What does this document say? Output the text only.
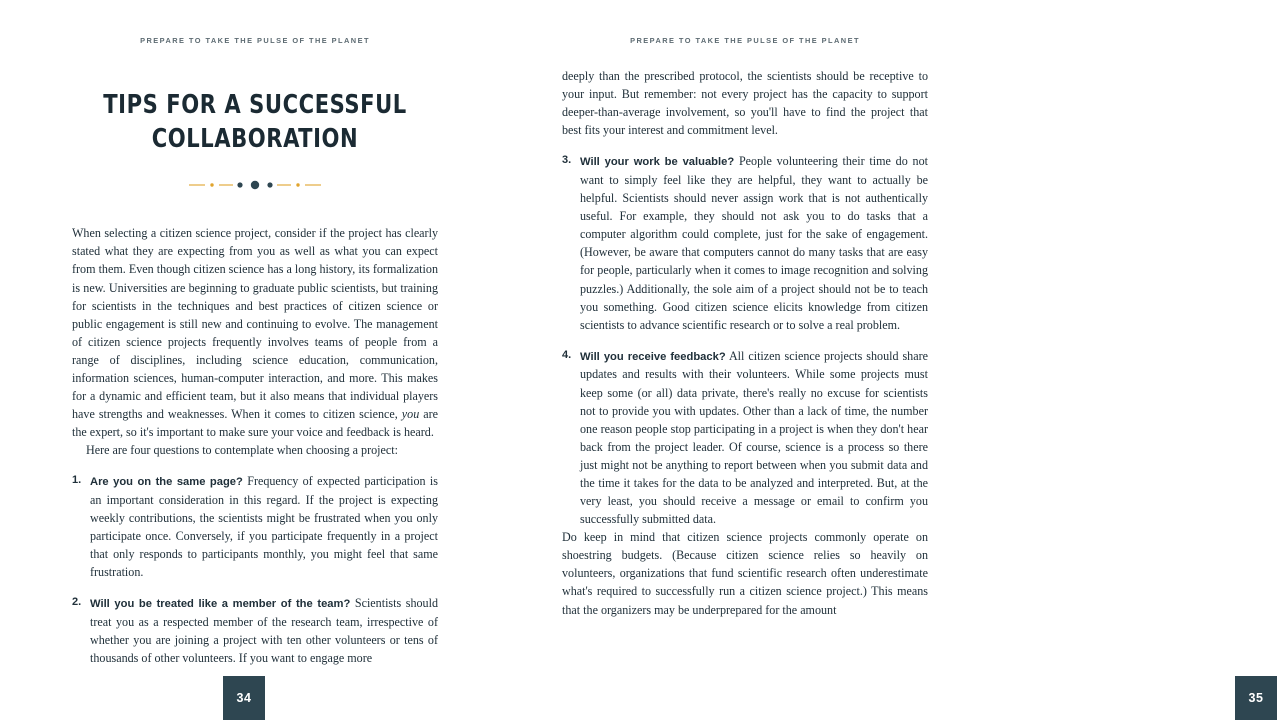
PREPARE TO TAKE THE PULSE OF THE PLANET
TIPS FOR A SUCCESSFUL
COLLABORATION

When selecting a citizen science project, consider if the project has clearly stated what they are expecting from you as well as what you can expect from them. Even though citizen science has a long history, its formalization is new. Universities are beginning to graduate public scientists, but training for scientists in the techniques and best practices of citizen science or public engagement is still new and continuing to evolve. The management of citizen science projects frequently involves teams of people from a range of disciplines, including science education, communication, information sciences, human-computer interaction, and more. This makes for a dynamic and efficient team, but it also means that individual players have strengths and weaknesses. When it comes to citizen science, you are the expert, so it's important to make sure your voice and feedback is heard.

Here are four questions to contemplate when choosing a project:

1. Are you on the same page? Frequency of expected participation is an important consideration in this regard. If the project is expecting weekly contributions, the scientists might be frustrated when you only participate once. Conversely, if you participate frequently in a project that only responds to participants monthly, you might feel that same frustration.
2. Will you be treated like a member of the team? Scientists should treat you as a respected member of the research team, irrespective of whether you are joining a project with ten other volunteers or tens of thousands of other volunteers. If you want to engage more
34
PREPARE TO TAKE THE PULSE OF THE PLANET

deeply than the prescribed protocol, the scientists should be receptive to your input. But remember: not every project has the capacity to support deeper-than-average involvement, so you'll have to find the project that best fits your interest and commitment level.

3. Will your work be valuable? People volunteering their time do not want to simply feel like they are helpful, they want to actually be helpful. Scientists should never assign work that is not authentically useful. For example, they should not ask you to do tasks that a computer algorithm could complete, just for the sake of engagement. (However, be aware that computers cannot do many tasks that are easy for people, particularly when it comes to image recognition and solving puzzles.) Additionally, the sole aim of a project should not be to teach you something. Good citizen science elicits knowledge from citizen scientists to advance scientific research or to solve a real problem.
4. Will you receive feedback? All citizen science projects should share updates and results with their volunteers. While some projects must keep some (or all) data private, there's really no excuse for scientists not to provide you with updates. Other than a lack of time, the number one reason people stop participating in a project is when they don't hear back from the project leader. Of course, science is a process so there just might not be anything to report between when you submit data and the time it takes for the data to be analyzed and interpreted. But, at the very least, you should receive a message or email to confirm you successfully submitted data.

Do keep in mind that citizen science projects commonly operate on shoestring budgets. (Because citizen science relies so heavily on volunteers, organizations that fund scientific research often underestimate what's required to successfully run a citizen science project.) This means that the organizers may be underprepared for the amount

35
